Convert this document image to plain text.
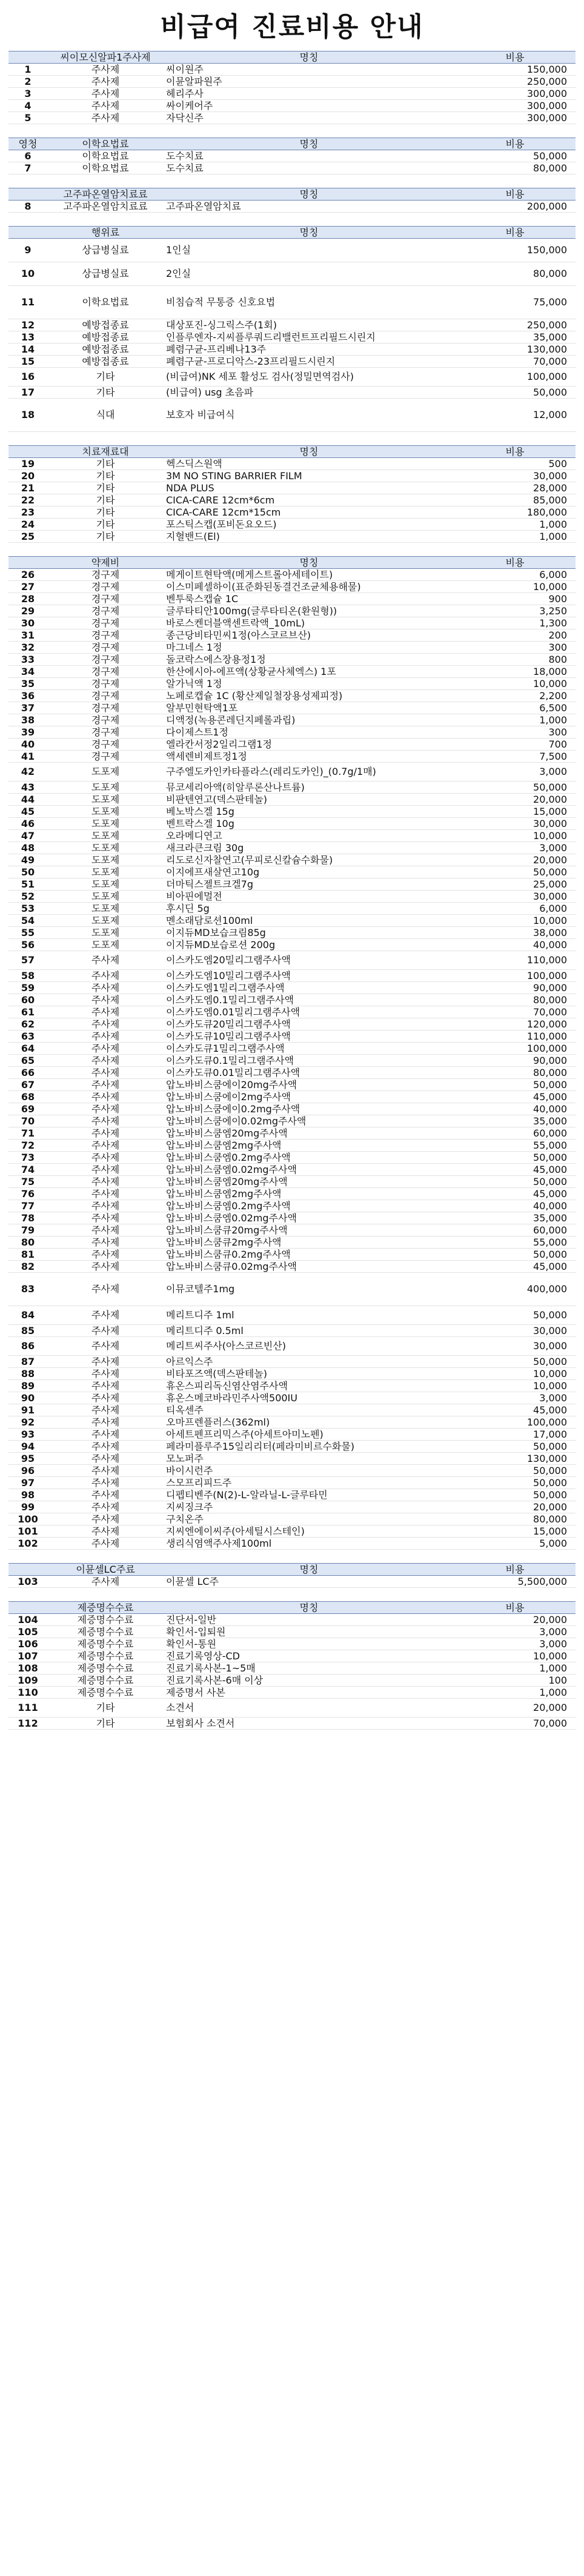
비급여 진료비용 안내
	씨이모신알파1주사제	명칭	비용
1	주사제	씨이원주	150,000
2	주사제	이뮨알파원주	250,000
3	주사제	헤리주사	300,000
4	주사제	싸이케어주	300,000
5	주사제	자닥신주	300,000
영청	이학요법료	명칭	비용
6	이학요법료	도수치료	50,000
7	이학요법료	도수치료	80,000
	고주파온열암치료료	명칭	비용
8	고주파온열암치료료	고주파온열암치료	200,000
	행위료	명칭	비용
9	상급병실료	1인실	150,000
10	상급병실료	2인실	80,000
11	이학요법료	비침습적 무통증 신호요법	75,000
12	예방접종료	대상포진-싱그릭스주(1회)	250,000
13	예방접종료	인플루엔자-지씨플루쿼드리밸런트프리필드시린지	35,000
14	예방접종료	폐렴구균-프리베나13주	130,000
15	예방접종료	폐렴구균-프로디악스-23프리필드시린지	70,000
16	기타	(비급여)NK 세포 활성도 검사(정밀면역검사)	100,000
17	기타	(비급여) usg 초음파	50,000
18	식대	보호자 비급여식	12,000
	치료재료대	명칭	비용
19	기타	헥스딕스원액	500
20	기타	3M NO STING BARRIER FILM	30,000
21	기타	NDA PLUS	28,000
22	기타	CICA-CARE 12cm*6cm	85,000
23	기타	CICA-CARE 12cm*15cm	180,000
24	기타	포스틱스캡(포비돈요오드)	1,000
25	기타	지혈밴드(El)	1,000
	약제비	명칭	비용
26	경구제	메게이트현탁액(메게스트롤아세테이트)	6,000
27	경구제	이스미페셀하이(표준화된동결건조균체용해물)	10,000
28	경구제	벤투룩스캡슐 1C	900
29	경구제	글루타티안100mg(글루타티온(환원형))	3,250
30	경구제	바로스켄더블액센트락액_10mL)	1,300
31	경구제	종근당비타민씨1정(아스코르브산)	200
32	경구제	마그네스 1정	300
33	경구제	돌코락스에스장용정1정	800
34	경구제	한산에시아-에프액(상황균사체엑스) 1포	18,000
35	경구제	알가닉액 1정	10,000
36	경구제	노페로캡슐 1C (황산제일철장용성제피정)	2,200
37	경구제	알부민현탁액1포	6,500
38	경구제	디액정(녹용콘레딘지페롤과립)	1,000
39	경구제	다이제스트1정	300
40	경구제	엘라칸서정2일리그램1정	700
41	경구제	액세렌비제트정1정	7,500
42	도포제	구주엘도카인카타플라스(레리도카인)_(0.7g/1매)	3,000
43	도포제	뮤코세리아액(히알루론산나트륨)	50,000
44	도포제	비판텐연고(덱스판테놀)	20,000
45	도포제	베노박스겔 15g	15,000
46	도포제	벤트락스겔 10g	30,000
47	도포제	오라메디연고	10,000
48	도포제	새크라큰크림 30g	3,000
49	도포제	리도로신자찰연고(무피로신칼슘수화물)	20,000
50	도포제	이지에프새살연고10g	50,000
51	도포제	더마틱스젤트크겔7g	25,000
52	도포제	비아핀에멀전	30,000
53	도포제	후시딘 5g	6,000
54	도포제	멘소래담로션100ml	10,000
55	도포제	이지듀MD보습크림85g	38,000
56	도포제	이지듀MD보습로션 200g	40,000
57	주사제	이스카도엠20밀리그램주사액	110,000
58	주사제	이스카도엠10밀리그램주사액	100,000
59	주사제	이스카도엠1밀리그램주사액	90,000
60	주사제	이스카도엠0.1밀리그램주사액	80,000
61	주사제	이스카도엠0.01밀리그램주사액	70,000
62	주사제	이스카도큐20밀리그램주사액	120,000
63	주사제	이스카도큐10밀리그램주사액	110,000
64	주사제	이스카도큐1밀리그램주사액	100,000
65	주사제	이스카도큐0.1밀리그램주사액	90,000
66	주사제	이스카도큐0.01밀리그램주사액	80,000
67	주사제	압노바비스쿰에이20mg주사액	50,000
68	주사제	압노바비스쿰에이2mg주사액	45,000
69	주사제	압노바비스쿰에이0.2mg주사액	40,000
70	주사제	압노바비스쿰에이0.02mg주사액	35,000
71	주사제	압노바비스쿰엠20mg주사액	60,000
72	주사제	압노바비스쿰엠2mg주사액	55,000
73	주사제	압노바비스쿰엠0.2mg주사액	50,000
74	주사제	압노바비스쿰엠0.02mg주사액	45,000
75	주사제	압노바비스쿰엠20mg주사액	50,000
76	주사제	압노바비스쿰엠2mg주사액	45,000
77	주사제	압노바비스쿰엠0.2mg주사액	40,000
78	주사제	압노바비스쿰엠0.02mg주사액	35,000
79	주사제	압노바비스쿰큐20mg주사액	60,000
80	주사제	압노바비스쿰큐2mg주사액	55,000
81	주사제	압노바비스쿰큐0.2mg주사액	50,000
82	주사제	압노바비스쿰큐0.02mg주사액	45,000
83	주사제	이뮤코텔주1mg	400,000
84	주사제	메리트디주 1ml	50,000
85	주사제	메리트디주 0.5ml	30,000
86	주사제	메리트씨주사(아스코르빈산)	30,000
87	주사제	아르익스주	50,000
88	주사제	비타포즈액(덱스판테놀)	10,000
89	주사제	휴온스피리독신염산염주사액	10,000
90	주사제	휴온스메코바라민주사액500IU	3,000
91	주사제	티옥센주	45,000
92	주사제	오마프렌플러스(362ml)	100,000
93	주사제	아세트펜프리믹스주(아세트아미노펜)	17,000
94	주사제	페라미플루주15일리리터(페라미비르수화물)	50,000
95	주사제	모노퍼주	130,000
96	주사제	바이시런주	50,000
97	주사제	스모프리피드주	50,000
98	주사제	디펩티벤주(N(2)-L-알라닐-L-글루타민	50,000
99	주사제	지씨징크주	20,000
100	주사제	구치온주	80,000
101	주사제	지씨엔에이씨주(아세틸시스테인)	15,000
102	주사제	생리식염액주사제100ml	5,000
	이뮨셀LC주료	명칭	비용
103	주사제	이뮨셀 LC주	5,500,000
	제증명수수료	명칭	비용
104	제증명수수료	진단서-일반	20,000
105	제증명수수료	확인서-입퇴원	3,000
106	제증명수수료	확인서-통원	3,000
107	제증명수수료	진료기록영상-CD	10,000
108	제증명수수료	진료기록사본-1~5매	1,000
109	제증명수수료	진료기록사본-6매 이상	100
110	제증명수수료	제증명서 사본	1,000
111	기타	소견서	20,000
112	기타	보험회사 소견서	70,000
